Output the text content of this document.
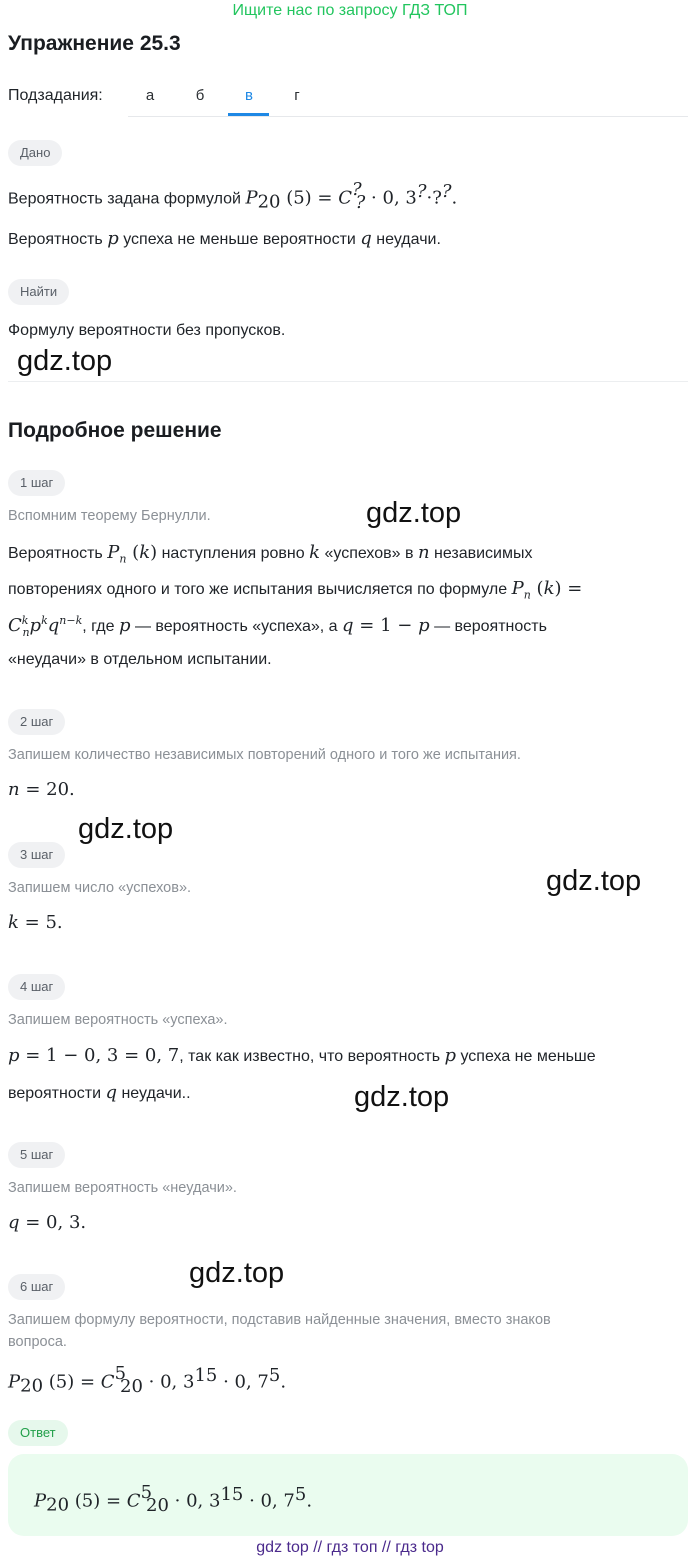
Ищите нас по запросу ГДЗ ТОП
Упражнение 25.3
Подзадания:	а	б	в	г
Дано
Вероятность задана формулой $P_{20}$ $(5) = C^?_? \cdot 0$, 3?·??.
Вероятность p успеха не меньше вероятности q неудачи.
Найти
Формулу вероятности без пропусков.
gdz.top
Подробное решение
1 шаг
Вспомним теорему Бернулли.	gdz.top
Вероятность $P_n$ (k) наступления ровно k «успехов» в n независимых
повторениях одного и того же испытания вычисляется по формуле $P_n$ (k) =
$C^k_np^kq^{n-k}$, где p — вероятность «успеха», а q = 1 − p — вероятность
«неудачи» в отдельном испытании.
2 шаг
Запишем количество независимых повторений одного и того же испытания.
n = 20.
gdz.top
3 шаг
Запишем число «успехов».	gdz.top
k = 5.
4 шаг
Запишем вероятность «успеха».
p = 1 − 0, 3 = 0, 7, так как известно, что вероятность p успеха не меньше
вероятности q неудачи..	gdz.top
5 шаг
Запишем вероятность «неудачи».
q = 0, 3.
gdz.top
6 шаг
Запишем формулу вероятности, подставив найденные значения, вместо знаков
вопроса.
$P_{20}$ $(5) = C^5_{20} \cdot 0$, $3^{15} \cdot 0$, $7^5$.
Ответ
$P_{20}$ $(5) = C^5_{20} \cdot 0$, $3^{15} \cdot 0$, $7^5$.
gdz top // гдз топ // гдз top
